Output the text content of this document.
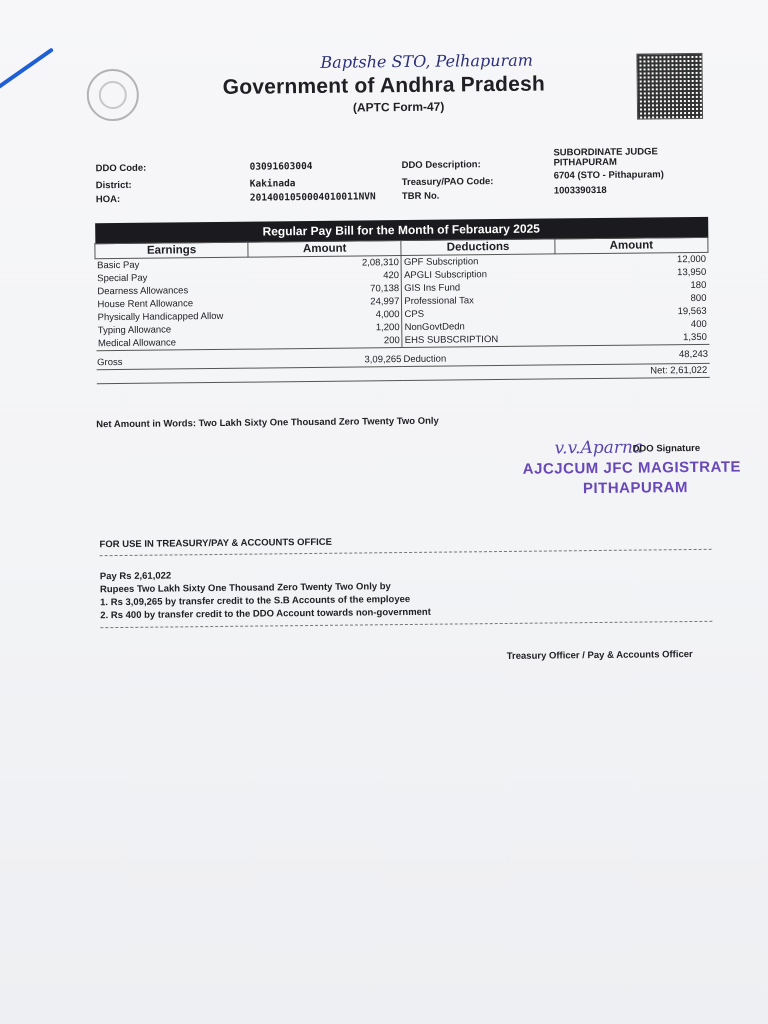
Baptshe STO, Pelhapuram
Government of Andhra Pradesh
(APTC Form-47)
DDO Code:	03091603004
District:	Kakinada
HOA:	2014001050004010011NVN
DDO Description:
SUBORDINATE JUDGE PITHAPURAM
Treasury/PAO Code:
6704 (STO - Pithapuram)
TBR No.	1003390318
Regular Pay Bill for the Month of Febrauary 2025			
Earnings	Amount	Deductions	Amount
Basic Pay	2,08,310	GPF Subscription	12,000
Special Pay	420	APGLI Subscription	13,950
Dearness Allowances	70,138	GIS Ins Fund	180
House Rent Allowance	24,997	Professional Tax	800
Physically Handicapped Allow	4,000	CPS	19,563
Typing Allowance	1,200	NonGovtDedn	400
Medical Allowance	200	EHS SUBSCRIPTION	1,350
Gross	3,09,265	Deduction	48,243
Net: 2,61,022			
Net Amount in Words: Two Lakh Sixty One Thousand Zero Twenty Two Only
v.v.Aparna
DDO Signature
AJCJCUM JFC MAGISTRATE
PITHAPURAM
FOR USE IN TREASURY/PAY & ACCOUNTS OFFICE
Pay Rs 2,61,022
Rupees Two Lakh Sixty One Thousand Zero Twenty Two Only by
1. Rs 3,09,265 by transfer credit to the S.B Accounts of the employee
2. Rs 400 by transfer credit to the DDO Account towards non-government
Treasury Officer / Pay & Accounts Officer
